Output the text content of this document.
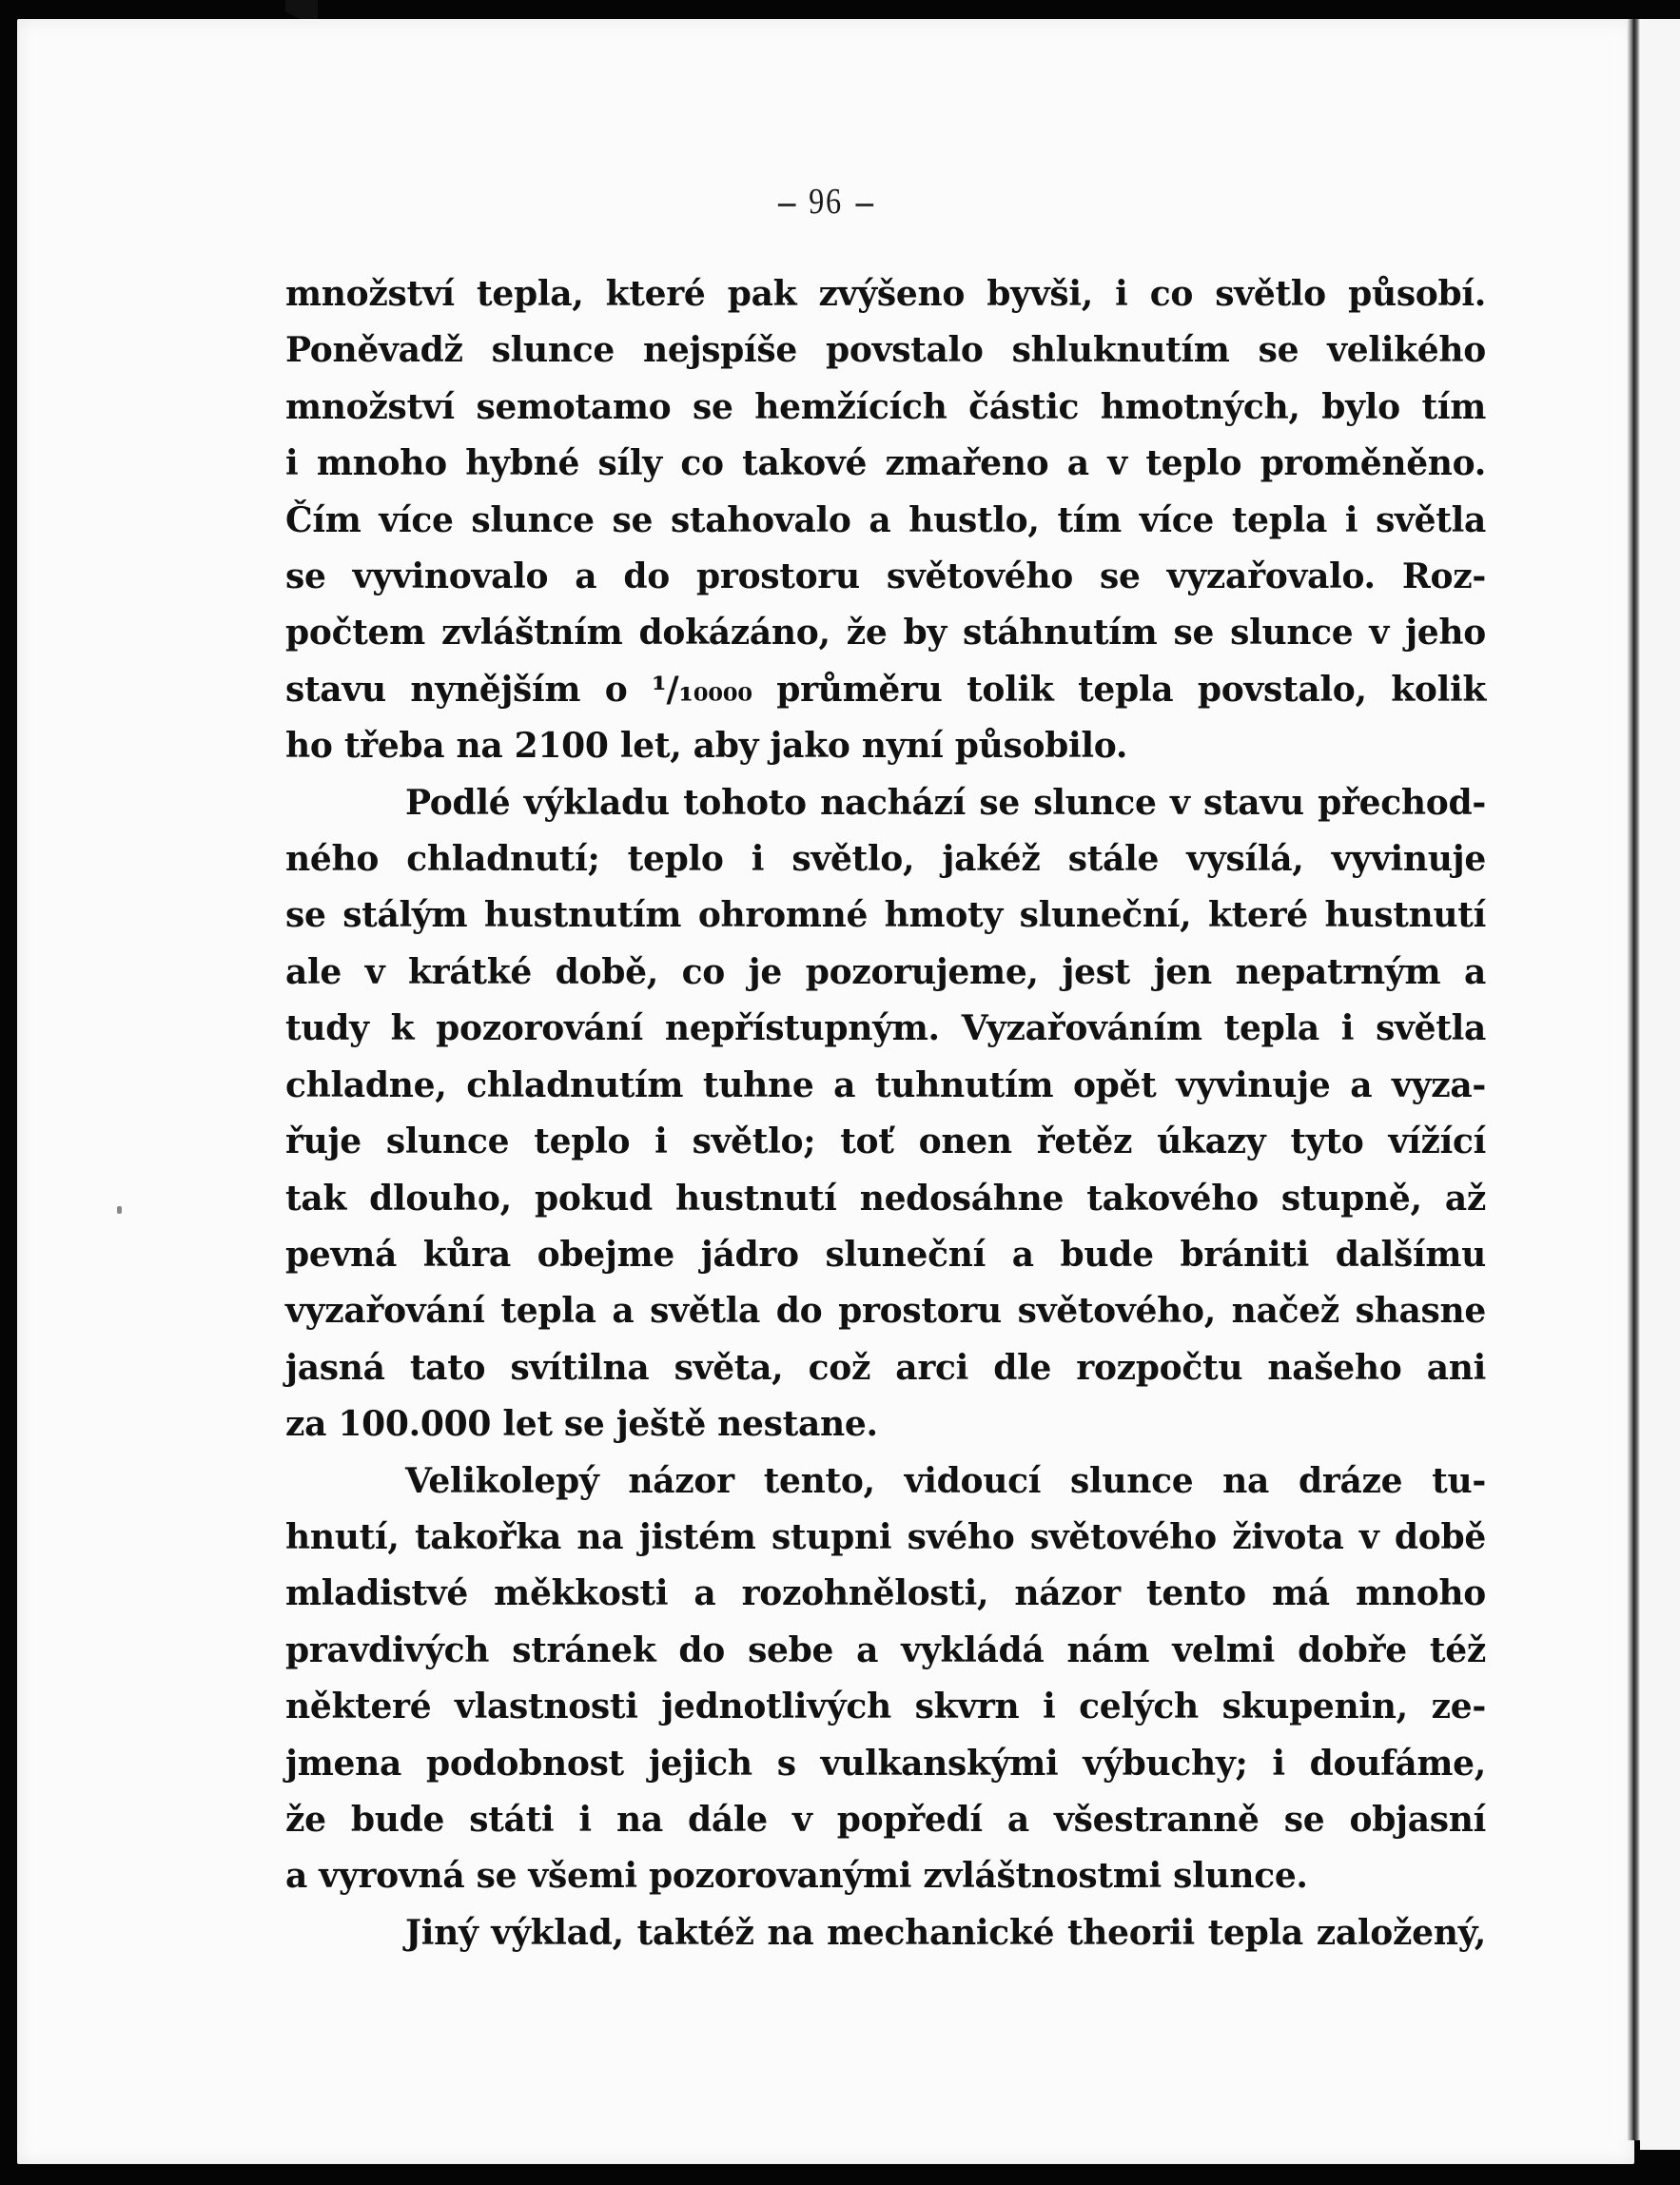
96
množství tepla, které pak zvýšeno byvši, i co světlo působí.
Poněvadž slunce nejspíše povstalo shluknutím se velikého
množství semotamo se hemžících částic hmotných, bylo tím
i mnoho hybné síly co takové zmařeno a v teplo proměněno.
Čím více slunce se stahovalo a hustlo, tím více tepla i světla
se vyvinovalo a do prostoru světového se vyzařovalo. Roz-
počtem zvláštním dokázáno, že by stáhnutím se slunce v jeho
stavu nynějším o ¹/₁₀₀₀₀ průměru tolik tepla povstalo, kolik
ho třeba na 2100 let, aby jako nyní působilo.
Podlé výkladu tohoto nachází se slunce v stavu přechod-
ného chladnutí; teplo i světlo, jakéž stále vysílá, vyvinuje
se stálým hustnutím ohromné hmoty sluneční, které hustnutí
ale v krátké době, co je pozorujeme, jest jen nepatrným a
tudy k pozorování nepřístupným. Vyzařováním tepla i světla
chladne, chladnutím tuhne a tuhnutím opět vyvinuje a vyza-
řuje slunce teplo i světlo; toť onen řetěz úkazy tyto vížící
tak dlouho, pokud hustnutí nedosáhne takového stupně, až
pevná kůra obejme jádro sluneční a bude brániti dalšímu
vyzařování tepla a světla do prostoru světového, načež shasne
jasná tato svítilna světa, což arci dle rozpočtu našeho ani
za 100.000 let se ještě nestane.
Velikolepý názor tento, vidoucí slunce na dráze tu-
hnutí, takořka na jistém stupni svého světového života v době
mladistvé měkkosti a rozohnělosti, názor tento má mnoho
pravdivých stránek do sebe a vykládá nám velmi dobře též
některé vlastnosti jednotlivých skvrn i celých skupenin, ze-
jmena podobnost jejich s vulkanskými výbuchy; i doufáme,
že bude státi i na dále v popředí a všestranně se objasní
a vyrovná se všemi pozorovanými zvláštnostmi slunce.
Jiný výklad, taktéž na mechanické theorii tepla založený,
